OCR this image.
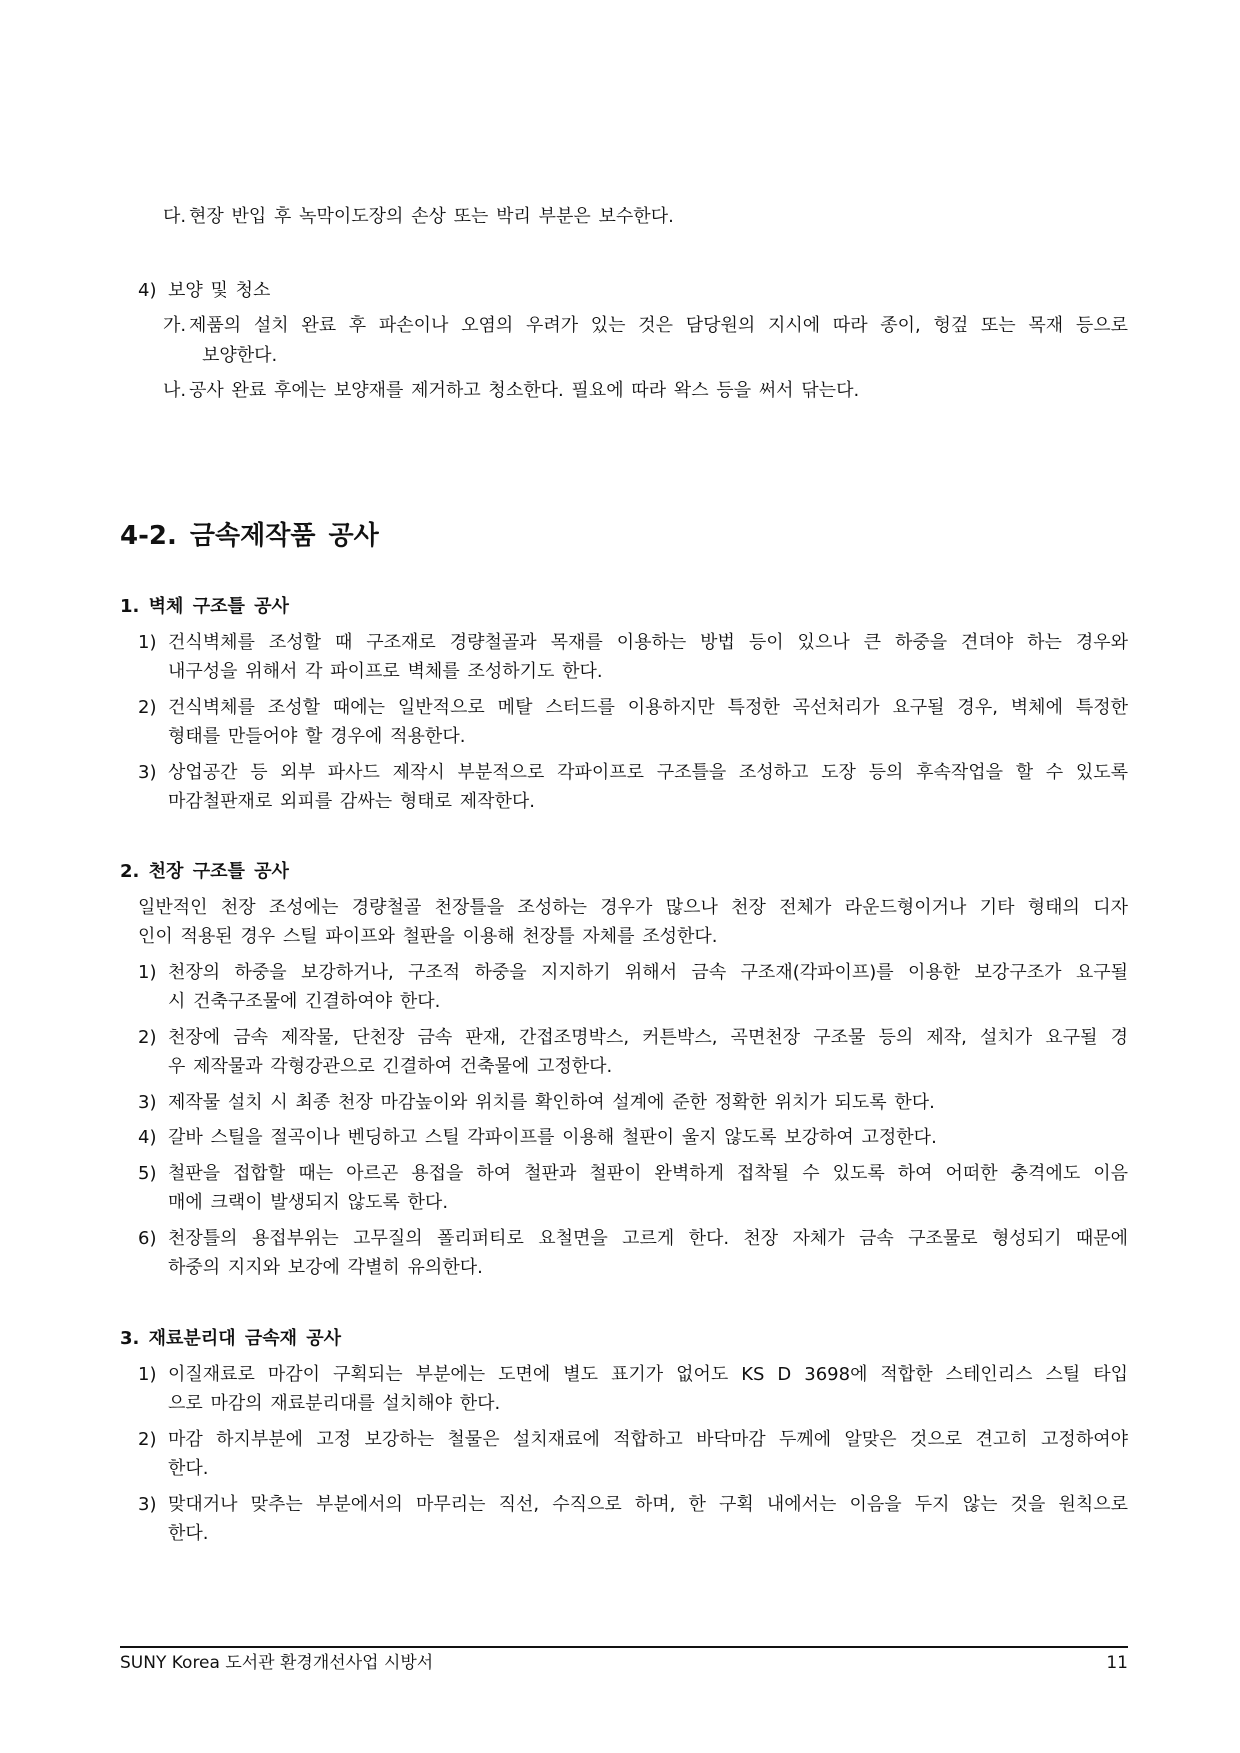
다. 현장 반입 후 녹막이도장의 손상 또는 박리 부분은 보수한다.
4) 보양 및 청소
가. 제품의 설치 완료 후 파손이나 오염의 우려가 있는 것은 담당원의 지시에 따라 종이, 헝겊 또는 목재 등으로
보양한다.
나. 공사 완료 후에는 보양재를 제거하고 청소한다. 필요에 따라 왁스 등을 써서 닦는다.
4-2. 금속제작품 공사
1. 벽체 구조틀 공사
1) 건식벽체를 조성할 때 구조재로 경량철골과 목재를 이용하는 방법 등이 있으나 큰 하중을 견뎌야 하는 경우와
내구성을 위해서 각 파이프로 벽체를 조성하기도 한다.
2) 건식벽체를 조성할 때에는 일반적으로 메탈 스터드를 이용하지만 특정한 곡선처리가 요구될 경우, 벽체에 특정한
형태를 만들어야 할 경우에 적용한다.
3) 상업공간 등 외부 파사드 제작시 부분적으로 각파이프로 구조틀을 조성하고 도장 등의 후속작업을 할 수 있도록
마감철판재로 외피를 감싸는 형태로 제작한다.
2. 천장 구조틀 공사
일반적인 천장 조성에는 경량철골 천장틀을 조성하는 경우가 많으나 천장 전체가 라운드형이거나 기타 형태의 디자
인이 적용된 경우 스틸 파이프와 철판을 이용해 천장틀 자체를 조성한다.
1) 천장의 하중을 보강하거나, 구조적 하중을 지지하기 위해서 금속 구조재(각파이프)를 이용한 보강구조가 요구될
시 건축구조물에 긴결하여야 한다.
2) 천장에 금속 제작물, 단천장 금속 판재, 간접조명박스, 커튼박스, 곡면천장 구조물 등의 제작, 설치가 요구될 경
우 제작물과 각형강관으로 긴결하여 건축물에 고정한다.
3) 제작물 설치 시 최종 천장 마감높이와 위치를 확인하여 설계에 준한 정확한 위치가 되도록 한다.
4) 갈바 스틸을 절곡이나 벤딩하고 스틸 각파이프를 이용해 철판이 울지 않도록 보강하여 고정한다.
5) 철판을 접합할 때는 아르곤 용접을 하여 철판과 철판이 완벽하게 접착될 수 있도록 하여 어떠한 충격에도 이음
매에 크랙이 발생되지 않도록 한다.
6) 천장틀의 용접부위는 고무질의 폴리퍼티로 요철면을 고르게 한다. 천장 자체가 금속 구조물로 형성되기 때문에
하중의 지지와 보강에 각별히 유의한다.
3. 재료분리대 금속재 공사
1) 이질재료로 마감이 구획되는 부분에는 도면에 별도 표기가 없어도 KS D 3698에 적합한 스테인리스 스틸 타입
으로 마감의 재료분리대를 설치해야 한다.
2) 마감 하지부분에 고정 보강하는 철물은 설치재료에 적합하고 바닥마감 두께에 알맞은 것으로 견고히 고정하여야
한다.
3) 맞대거나 맞추는 부분에서의 마무리는 직선, 수직으로 하며, 한 구획 내에서는 이음을 두지 않는 것을 원칙으로
한다.
SUNY Korea 도서관 환경개선사업 시방서	11
